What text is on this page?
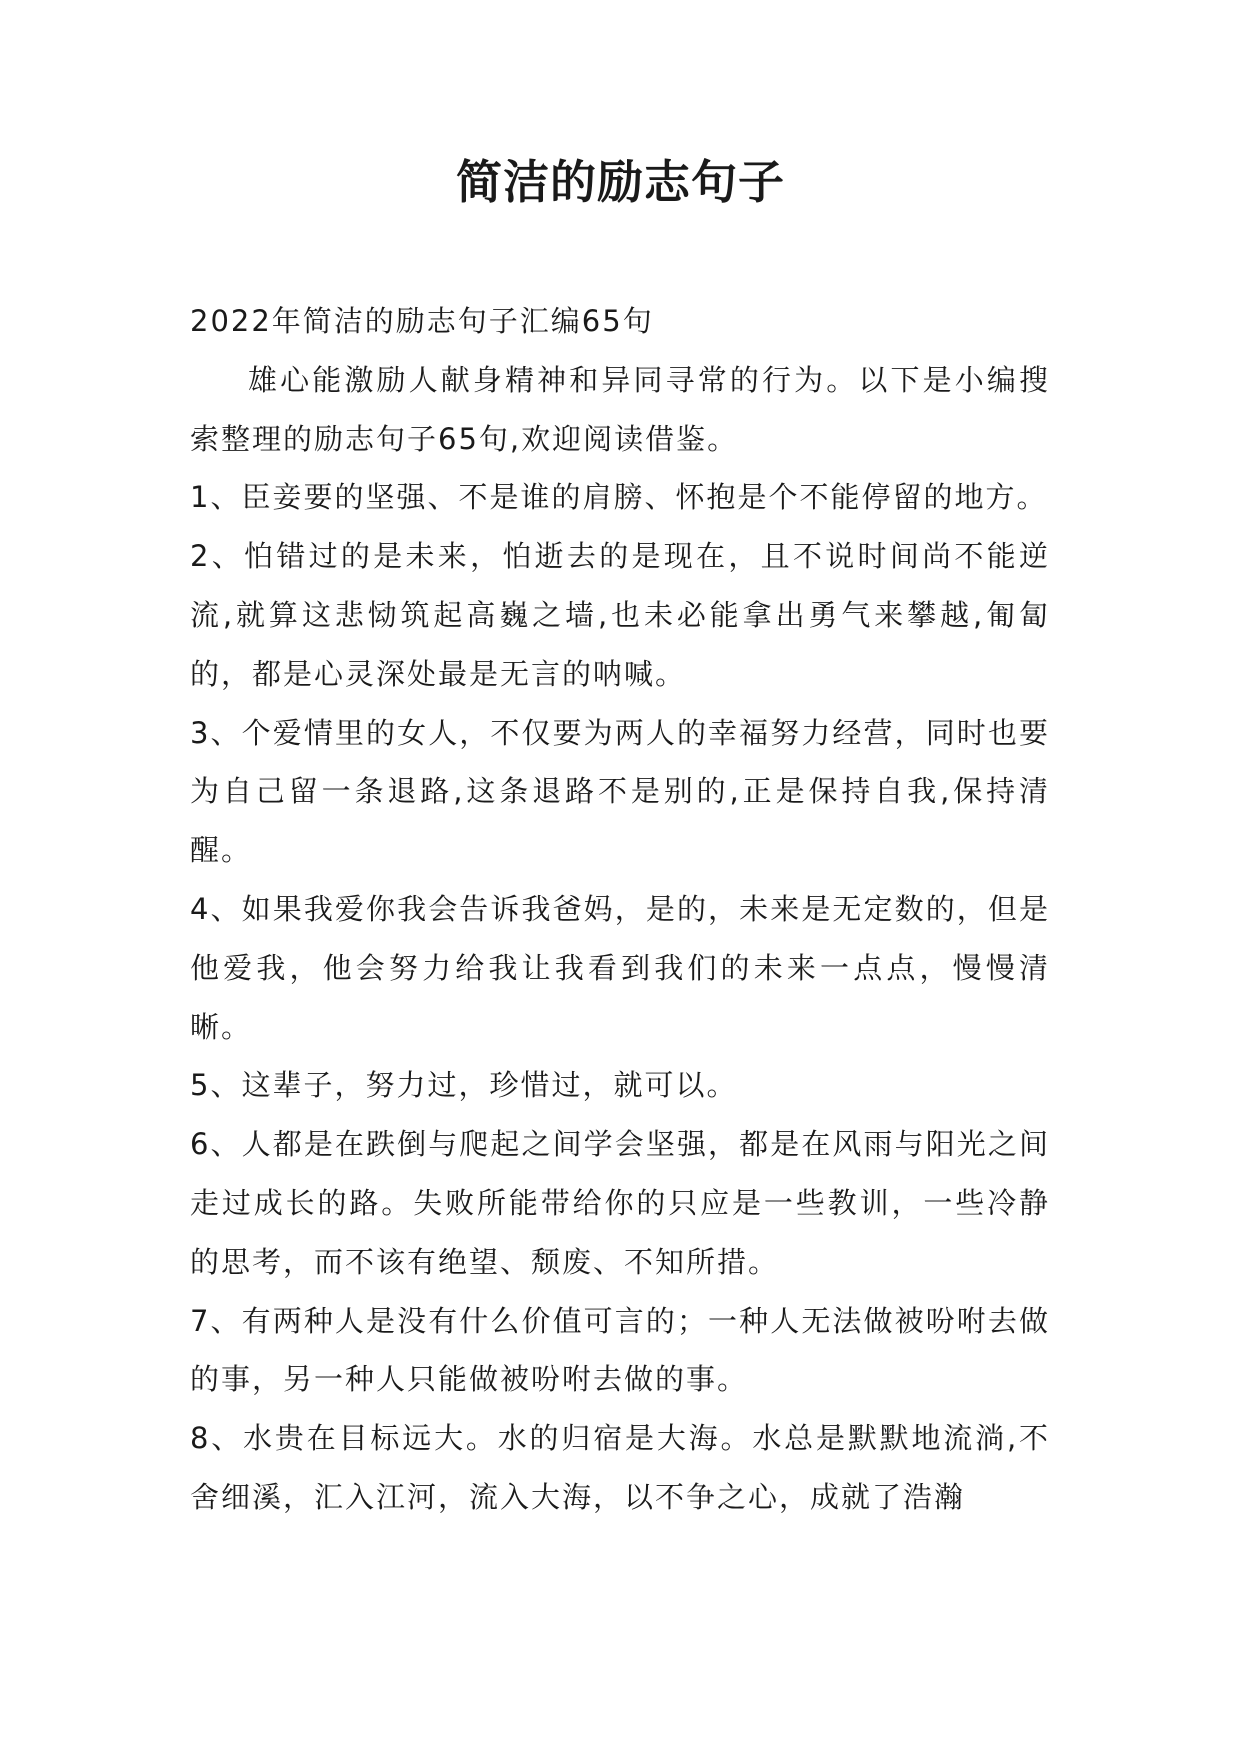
简洁的励志句子

2022年简洁的励志句子汇编65句

雄心能激励人献身精神和异同寻常的行为。以下是小编搜索整理的励志句子65句,欢迎阅读借鉴。

1、臣妾要的坚强、不是谁的肩膀、怀抱是个不能停留的地方。

2、怕错过的是未来，怕逝去的是现在，且不说时间尚不能逆流,就算这悲恸筑起高巍之墙,也未必能拿出勇气来攀越,匍匐的，都是心灵深处最是无言的呐喊。

3、个爱情里的女人，不仅要为两人的幸福努力经营，同时也要为自己留一条退路,这条退路不是别的,正是保持自我,保持清醒。

4、如果我爱你我会告诉我爸妈，是的，未来是无定数的，但是他爱我，他会努力给我让我看到我们的未来一点点，慢慢清晰。

5、这辈子，努力过，珍惜过，就可以。

6、人都是在跌倒与爬起之间学会坚强，都是在风雨与阳光之间走过成长的路。失败所能带给你的只应是一些教训，一些冷静的思考，而不该有绝望、颓废、不知所措。

7、有两种人是没有什么价值可言的；一种人无法做被吩咐去做的事，另一种人只能做被吩咐去做的事。

8、水贵在目标远大。水的归宿是大海。水总是默默地流淌,不舍细溪，汇入江河，流入大海，以不争之心，成就了浩瀚
